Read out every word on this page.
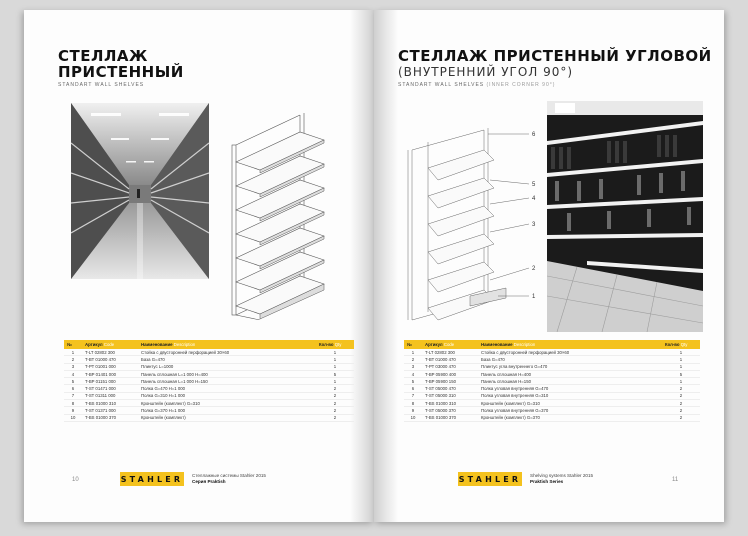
СТЕЛЛАЖ
ПРИСТЕННЫЙ
STANDART WALL SHELVES
№	Артикул Code	Наименование Description	Кол-во Qty
1	T-LT 02802 300	Стойка с двусторонней перфорацией 30×60	1
2	T-BT 01000 470	База G=470	1
3	T-PT 01001 000	Плинтус L=1000	1
4	T-BP 01401 000	Панель сплошная L=1 000 H=400	5
5	T-BP 01151 000	Панель сплошная L=1 000 H=150	1
6	T-ST 01471 000	Полка G=470 H=1 000	2
7	T-ST 01311 000	Полка G=310 H=1 000	2
8	T-BS 01000 310	Кронштейн (комплект) G=310	2
9	T-ST 01371 000	Полка G=370 H=1 000	2
10	T-BS 01000 370	Кронштейн (комплект)	2
STAHLER Стеллажные системы Stahler 2015
Серия Praktish
10
СТЕЛЛАЖ ПРИСТЕННЫЙ УГЛОВОЙ
(ВНУТРЕННИЙ УГОЛ 90°)
STANDART WALL SHELVES (INNER CORNER 90°)
6
5
4
3
2
1
№	Артикул Code	Наименование Description	Кол-во Qty
1	T-LT 02802 300	Стойка с двусторонней перфорацией 30×60	1
2	T-BT 01000 470	База G=470	1
3	T-PT 03000 470	Плинтус угла внутреннего G=470	1
4	T-BP 05900 400	Панель сплошная H=400	5
5	T-BP 05900 150	Панель сплошная H=150	1
6	T-ST 05000 470	Полка угловая внутренняя G=470	2
7	T-ST 05000 310	Полка угловая внутренняя G=310	2
8	T-BS 01000 310	Кронштейн (комплект) G=310	2
9	T-ST 05000 370	Полка угловая внутренняя G=370	2
10	T-BS 01000 370	Кронштейн (комплект) G=370	2
STAHLER Shelving systems Stahler 2015
Praktish Series	11
